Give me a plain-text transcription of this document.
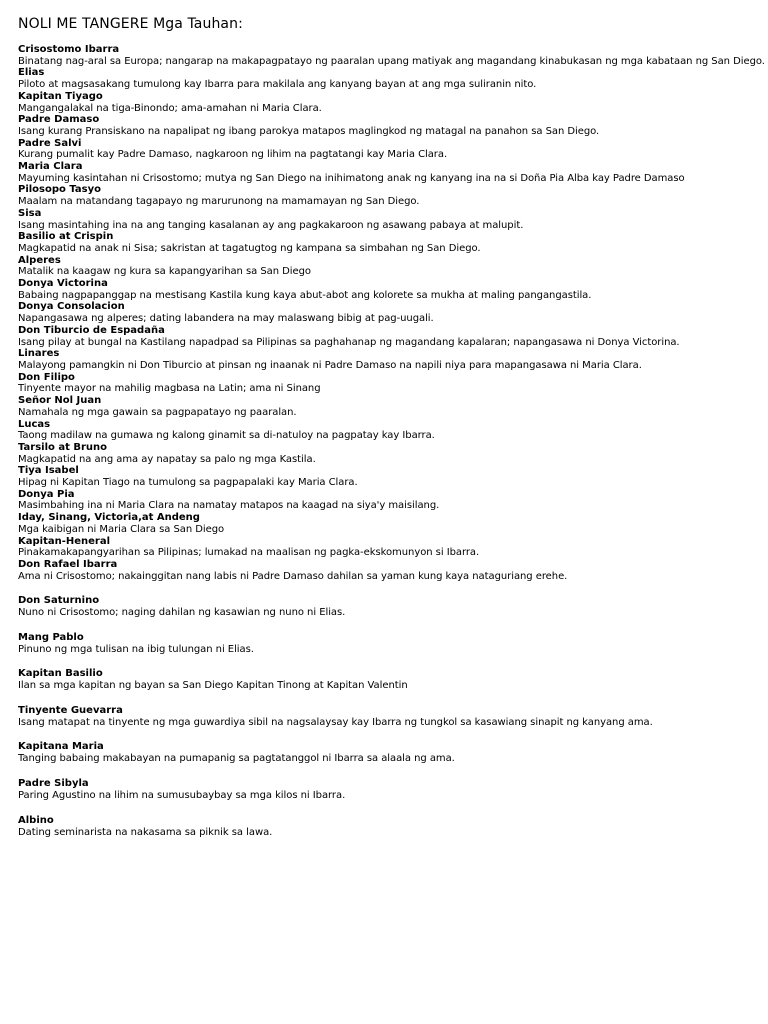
NOLI ME TANGERE Mga Tauhan:
Crisostomo Ibarra
Binatang nag-aral sa Europa; nangarap na makapagpatayo ng paaralan upang matiyak ang magandang kinabukasan ng mga kabataan ng San Diego.
Elias
Piloto at magsasakang tumulong kay Ibarra para makilala ang kanyang bayan at ang mga suliranin nito.
Kapitan Tiyago
Mangangalakal na tiga-Binondo; ama-amahan ni Maria Clara.
Padre Damaso
Isang kurang Pransiskano na napalipat ng ibang parokya matapos maglingkod ng matagal na panahon sa San Diego.
Padre Salvi
Kurang pumalit kay Padre Damaso, nagkaroon ng lihim na pagtatangi kay Maria Clara.
Maria Clara
Mayuming kasintahan ni Crisostomo; mutya ng San Diego na inihimatong anak ng kanyang ina na si Doña Pia Alba kay Padre Damaso
Pilosopo Tasyo
Maalam na matandang tagapayo ng marurunong na mamamayan ng San Diego.
Sisa
Isang masintahing ina na ang tanging kasalanan ay ang pagkakaroon ng asawang pabaya at malupit.
Basilio at Crispin
Magkapatid na anak ni Sisa; sakristan at tagatugtog ng kampana sa simbahan ng San Diego.
Alperes
Matalik na kaagaw ng kura sa kapangyarihan sa San Diego
Donya Victorina
Babaing nagpapanggap na mestisang Kastila kung kaya abut-abot ang kolorete sa mukha at maling pangangastila.
Donya Consolacion
Napangasawa ng alperes; dating labandera na may malaswang bibig at pag-uugali.
Don Tiburcio de Espadaña
Isang pilay at bungal na Kastilang napadpad sa Pilipinas sa paghahanap ng magandang kapalaran; napangasawa ni Donya Victorina.
Linares
Malayong pamangkin ni Don Tiburcio at pinsan ng inaanak ni Padre Damaso na napili niya para mapangasawa ni Maria Clara.
Don Filipo
Tinyente mayor na mahilig magbasa na Latin; ama ni Sinang
Señor Nol Juan
Namahala ng mga gawain sa pagpapatayo ng paaralan.
Lucas
Taong madilaw na gumawa ng kalong ginamit sa di-natuloy na pagpatay kay Ibarra.
Tarsilo at Bruno
Magkapatid na ang ama ay napatay sa palo ng mga Kastila.
Tiya Isabel
Hipag ni Kapitan Tiago na tumulong sa pagpapalaki kay Maria Clara.
Donya Pia
Masimbahing ina ni Maria Clara na namatay matapos na kaagad na siya'y maisilang.
Iday, Sinang, Victoria,at Andeng
Mga kaibigan ni Maria Clara sa San Diego
Kapitan-Heneral
Pinakamakapangyarihan sa Pilipinas; lumakad na maalisan ng pagka-ekskomunyon si Ibarra.
Don Rafael Ibarra
Ama ni Crisostomo; nakainggitan nang labis ni Padre Damaso dahilan sa yaman kung kaya nataguriang erehe.
Don Saturnino
Nuno ni Crisostomo; naging dahilan ng kasawian ng nuno ni Elias.
Mang Pablo
Pinuno ng mga tulisan na ibig tulungan ni Elias.
Kapitan Basilio
Ilan sa mga kapitan ng bayan sa San Diego Kapitan Tinong at Kapitan Valentin
Tinyente Guevarra
Isang matapat na tinyente ng mga guwardiya sibil na nagsalaysay kay Ibarra ng tungkol sa kasawiang sinapit ng kanyang ama.
Kapitana Maria
Tanging babaing makabayan na pumapanig sa pagtatanggol ni Ibarra sa alaala ng ama.
Padre Sibyla
Paring Agustino na lihim na sumusubaybay sa mga kilos ni Ibarra.
Albino
Dating seminarista na nakasama sa piknik sa lawa.
